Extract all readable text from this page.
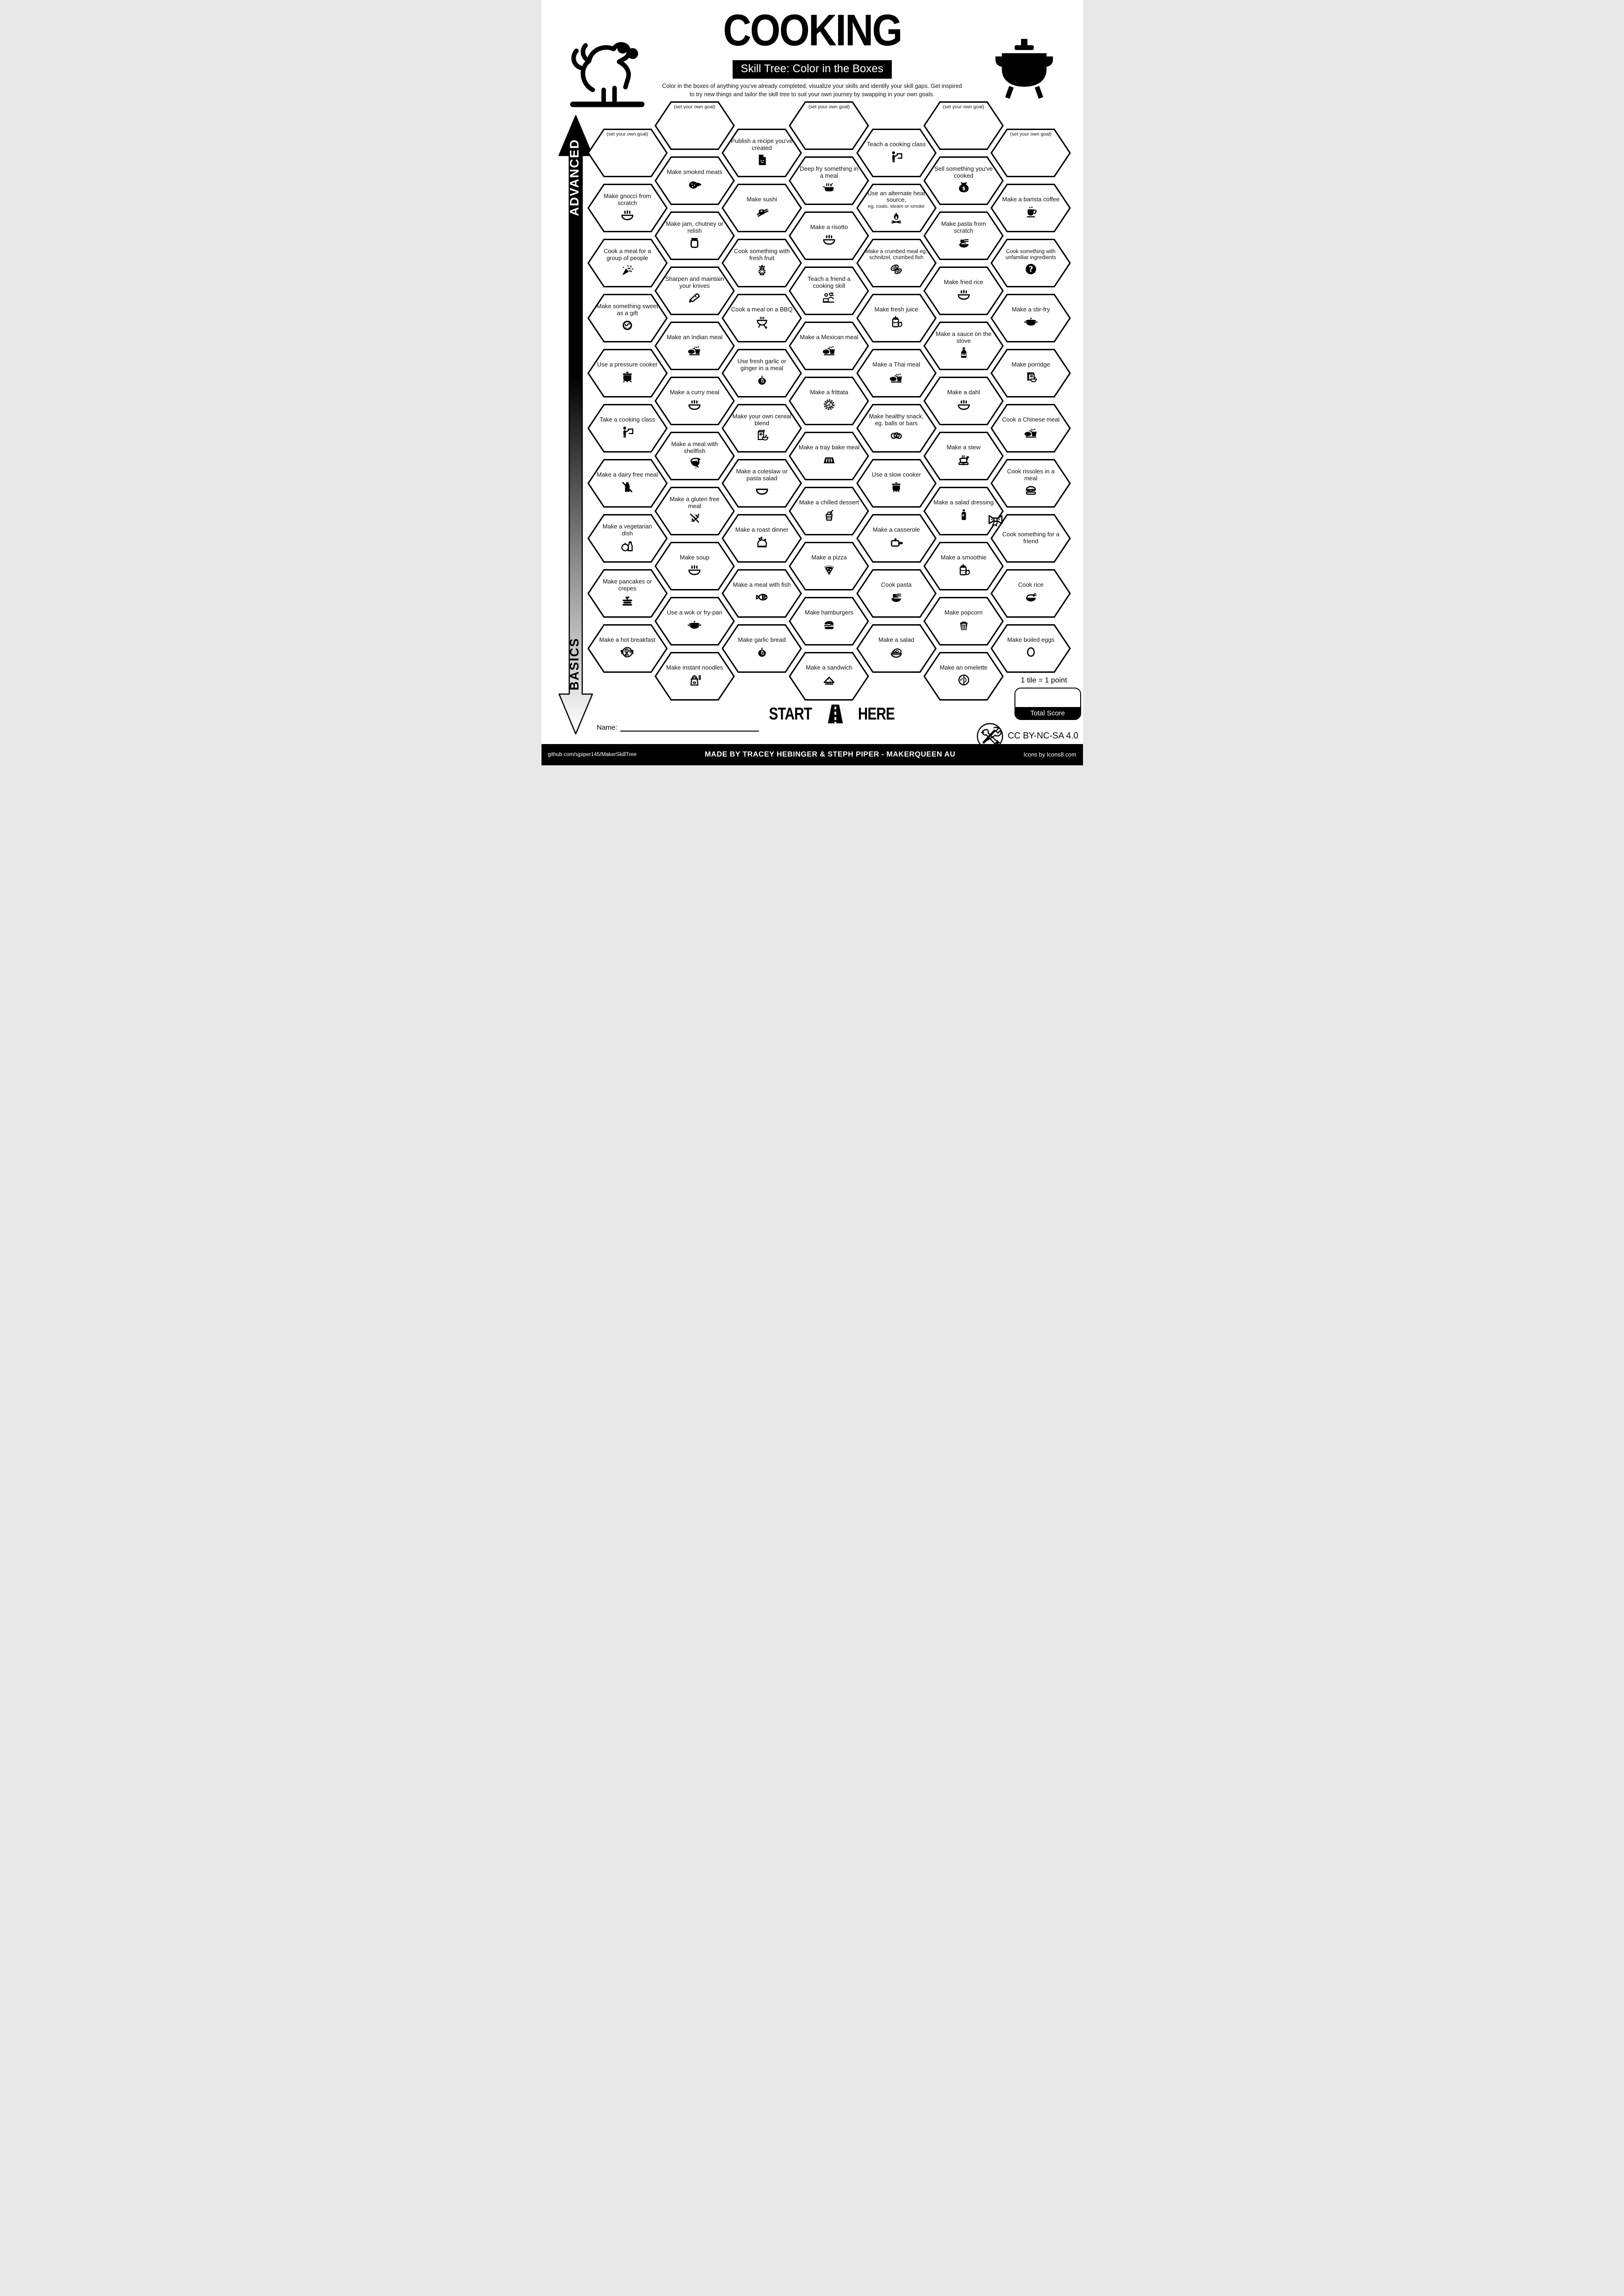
COOKING
Skill Tree: Color in the Boxes
Color in the boxes of anything you've already completed, visualize your skills and identify your skill gaps. Get inspired
to try new things and tailor the skill tree to suit your own journey by swapping in your own goals.
ADVANCED
BASICS
(set your own goal)
Make gnocci from scratch
Cook a meal for a group of people
Make something sweet as a gift
Use a pressure cooker
Take a cooking class
Make a dairy free meal
Make a vegetarian dish
Make pancakes or crepes
Make a hot breakfast
(set your own goal)
Make smoked meats
Make jam, chutney or relish
Sharpen and maintain your knives
Make an Indian meal
Make a curry meal
Make a meal with shellfish
Make a gluten free meal
Make soup
Use a wok or fry-pan
Make instant noodles
Publish a recipe you've created
Make sushi
Cook something with fresh fruit
Cook a meal on a BBQ
Use fresh garlic or ginger in a meal
Make your own cereal blend
Make a coleslaw or pasta salad
Make a roast dinner
Make a meal with fish
Make garlic bread
(set your own goal)
Deep fry something in a meal
Make a risotto
Teach a friend a cooking skill
Make a Mexican meal
Make a frittata
Make a tray bake meal
Make a chilled dessert
Make a pizza
Make hamburgers
Make a sandwich
Teach a cooking class
Use an alternate heat source,
eg. coals, steam or smoke
Make a crumbed meal eg. schnitzel, crumbed fish
Make fresh juice
Make a Thai meal
Make healthy snack, eg. balls or bars
Use a slow cooker
Make a casserole
Cook pasta
Make a salad
(set your own goal)
Sell something you've cooked
$
Make pasta from scratch
Make fried rice
Make a sauce on the stove
Make a dahl
Make a stew
Make a salad dressing
Make a smoothie
Make popcorn
Make an omelette
(set your own goal)
Make a barista coffee
Cook something with unfamiliar ingredients
?
Make a stir-fry
Make porridge
Cook a Chinese meal
Cook rissoles in a meal
Cook something for a friend
Cook rice
Make boiled eggs
START	HERE
1 tile = 1 point
Total Score
Name:
CC BY-NC-SA 4.0
github.com/sjpiper145/MakerSkillTree	MADE BY TRACEY HEBINGER & STEPH PIPER - MAKERQUEEN AU	Icons by Icons8.com
